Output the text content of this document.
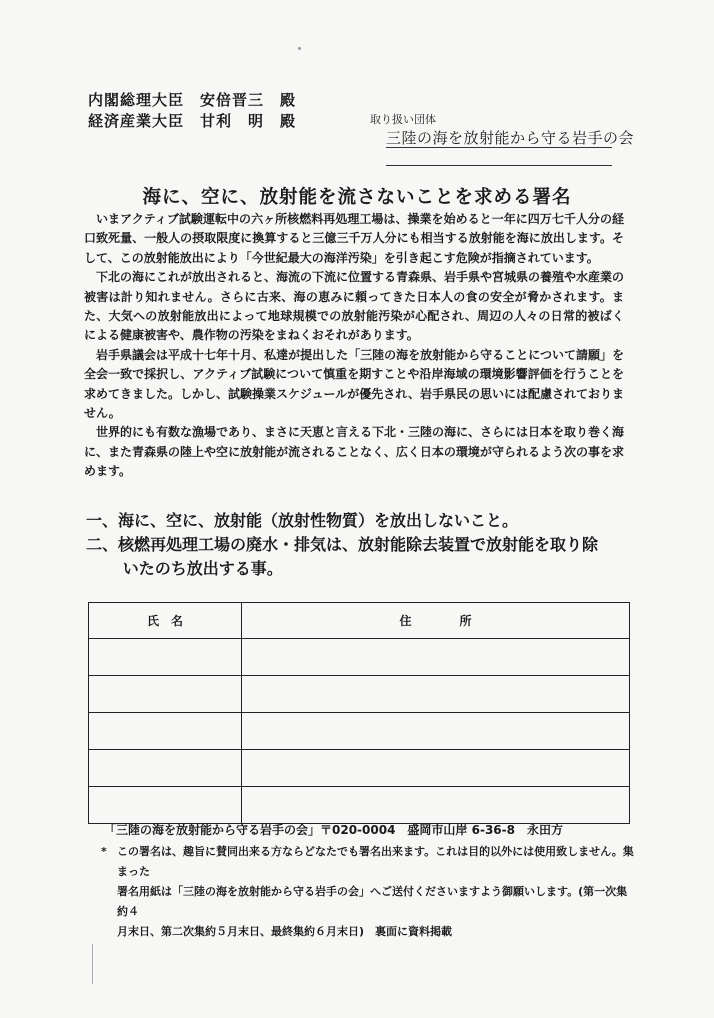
内閣総理大臣　安倍晋三　殿
経済産業大臣　甘利　明　殿	取り扱い団体
三陸の海を放射能から守る岩手の会
海に、空に、放射能を流さないことを求める署名

いまアクティブ試験運転中の六ヶ所核燃料再処理工場は、操業を始めると一年に四万七千人分の経口致死量、一般人の摂取限度に換算すると三億三千万人分にも相当する放射能を海に放出します。そして、この放射能放出により「今世紀最大の海洋汚染」を引き起こす危険が指摘されています。

下北の海にこれが放出されると、海流の下流に位置する青森県、岩手県や宮城県の養殖や水産業の被害は計り知れません。さらに古来、海の恵みに頼ってきた日本人の食の安全が脅かされます。また、大気への放射能放出によって地球規模での放射能汚染が心配され、周辺の人々の日常的被ばくによる健康被害や、農作物の汚染をまねくおそれがあります。

岩手県議会は平成十七年十月、私達が提出した「三陸の海を放射能から守ることについて請願」を全会一致で採択し、アクティブ試験について慎重を期すことや沿岸海域の環境影響評価を行うことを求めてきました。しかし、試験操業スケジュールが優先され、岩手県民の思いには配慮されておりません。

世界的にも有数な漁場であり、まさに天恵と言える下北・三陸の海に、さらには日本を取り巻く海に、また青森県の陸上や空に放射能が流されることなく、広く日本の環境が守られるよう次の事を求めます。

一、海に、空に、放射能（放射性物質）を放出しないこと。
二、核燃再処理工場の廃水・排気は、放射能除去装置で放射能を取り除
いたのち放出する事。
氏　名	住　　　　所

「三陸の海を放射能から守る岩手の会」〒020-0004　盛岡市山岸 6-36-8　永田方
* この署名は、趣旨に賛同出来る方ならどなたでも署名出来ます。これは目的以外には使用致しません。集まった
署名用紙は「三陸の海を放射能から守る岩手の会」へご送付くださいますよう御願いします。(第一次集約４
月末日、第二次集約５月末日、最終集約６月末日)　裏面に資料掲載
